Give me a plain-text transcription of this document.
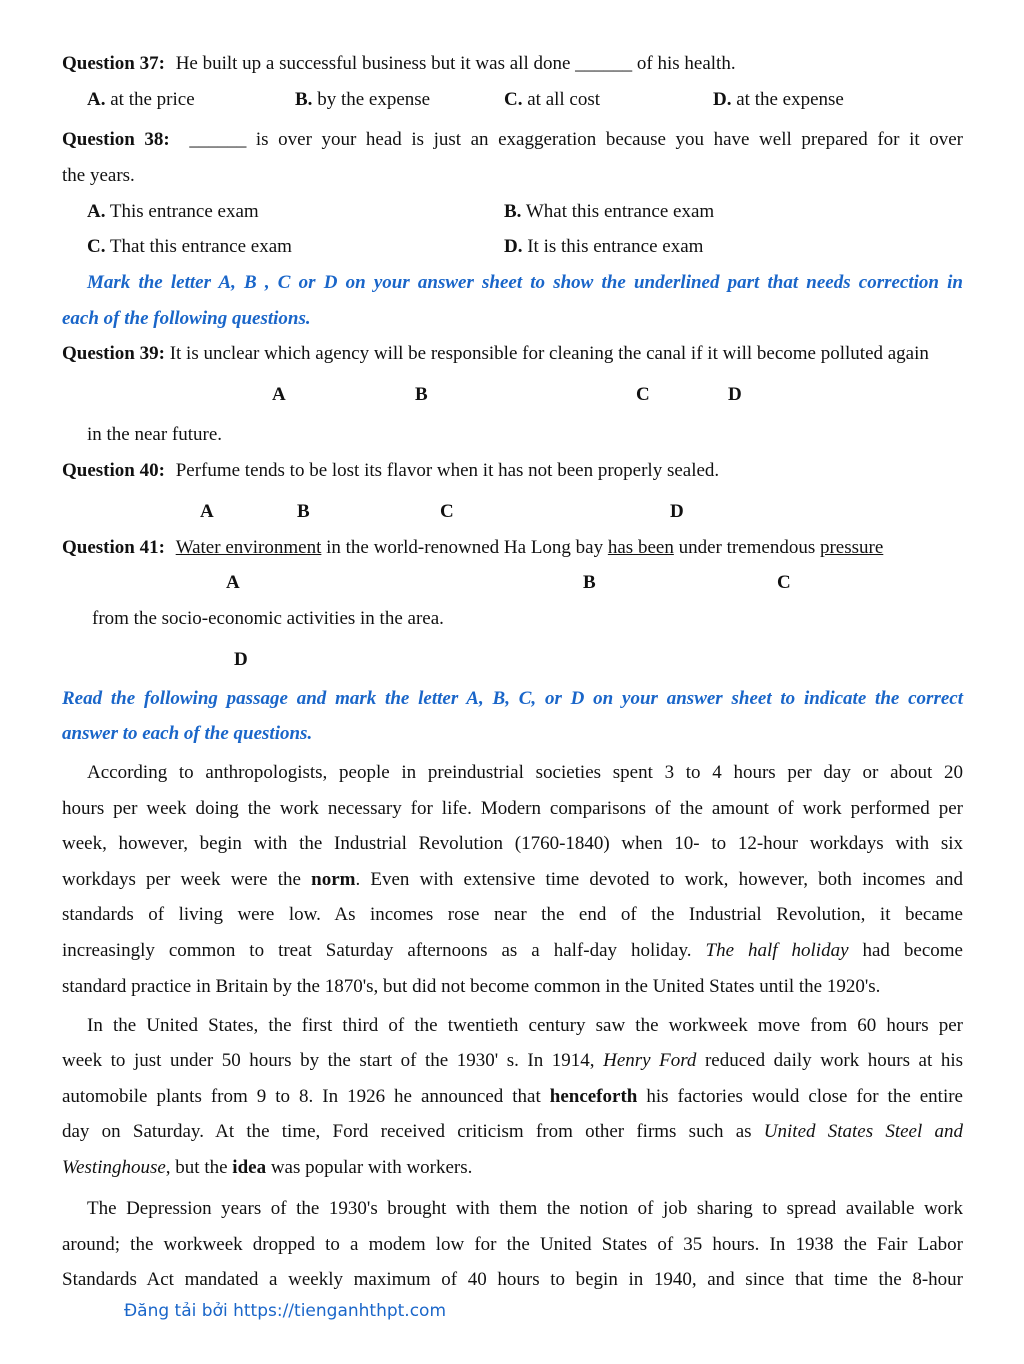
Question 37: He built up a successful business but it was all done ______ of his health.
A. at the price	B. by the expense	C. at all cost	D. at the expense
Question 38: ______ is over your head is just an exaggeration because you have well prepared for it over
the years.
A. This entrance exam	B. What this entrance exam
C. That this entrance exam	D. It is this entrance exam
Mark the letter A, B , C or D on your answer sheet to show the underlined part that needs correction in
each of the following questions.
Question 39: It is unclear which agency will be responsible for cleaning the canal if it will become polluted again
A	B	C	D
in the near future.
Question 40: Perfume tends to be lost its flavor when it has not been properly sealed.
A	B	C	D
Question 41: Water environment in the world-renowned Ha Long bay has been under tremendous pressure
A	B	C
from the socio-economic activities in the area.
D
Read the following passage and mark the letter A, B, C, or D on your answer sheet to indicate the correct
answer to each of the questions.
According to anthropologists, people in preindustrial societies spent 3 to 4 hours per day or about 20
hours per week doing the work necessary for life. Modern comparisons of the amount of work performed per
week, however, begin with the Industrial Revolution (1760-1840) when 10- to 12-hour workdays with six
workdays per week were the norm. Even with extensive time devoted to work, however, both incomes and
standards of living were low. As incomes rose near the end of the Industrial Revolution, it became
increasingly common to treat Saturday afternoons as a half-day holiday. The half holiday had become
standard practice in Britain by the 1870's, but did not become common in the United States until the 1920's.
In the United States, the first third of the twentieth century saw the workweek move from 60 hours per
week to just under 50 hours by the start of the 1930' s. In 1914, Henry Ford reduced daily work hours at his
automobile plants from 9 to 8. In 1926 he announced that henceforth his factories would close for the entire
day on Saturday. At the time, Ford received criticism from other firms such as United States Steel and
Westinghouse, but the idea was popular with workers.
The Depression years of the 1930's brought with them the notion of job sharing to spread available work
around; the workweek dropped to a modem low for the United States of 35 hours. In 1938 the Fair Labor
Standards Act mandated a weekly maximum of 40 hours to begin in 1940, and since that time the 8-hour
Đăng tải bởi https://tienganhthpt.com
